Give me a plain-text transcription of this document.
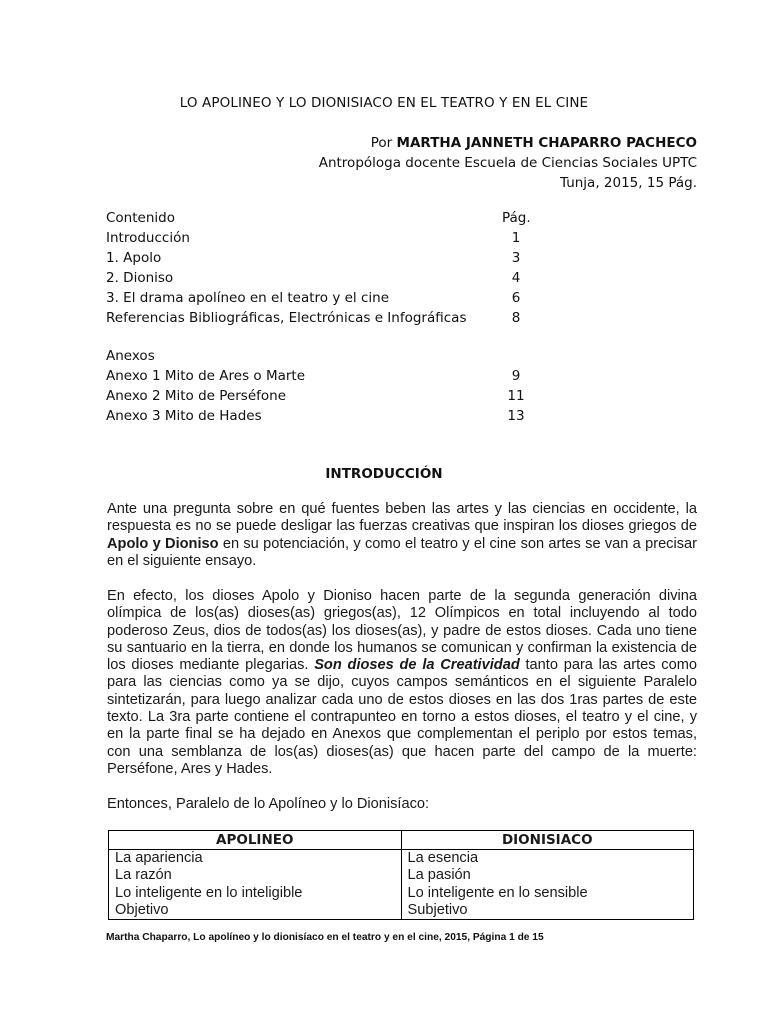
LO APOLINEO Y LO DIONISIACO EN EL TEATRO Y EN EL CINE
Por MARTHA JANNETH CHAPARRO PACHECO
Antropóloga docente Escuela de Ciencias Sociales UPTC
Tunja, 2015, 15 Pág.
Contenido	Pág.
Introducción	1
1. Apolo	3
2. Dioniso	4
3. El drama apolíneo en el teatro y el cine	6
Referencias Bibliográficas, Electrónicas e Infográficas	8
Anexos
Anexo 1 Mito de Ares o Marte	9
Anexo 2 Mito de Perséfone	11
Anexo 3 Mito de Hades	13
INTRODUCCIÓN
Ante una pregunta sobre en qué fuentes beben las artes y las ciencias en occidente, la respuesta es no se puede desligar las fuerzas creativas que inspiran los dioses griegos de Apolo y Dioniso en su potenciación, y como el teatro y el cine son artes se van a precisar en el siguiente ensayo.
En efecto, los dioses Apolo y Dioniso hacen parte de la segunda generación divina olímpica de los(as) dioses(as) griegos(as), 12 Olímpicos en total incluyendo al todo poderoso Zeus, dios de todos(as) los dioses(as), y padre de estos dioses. Cada uno tiene su santuario en la tierra, en donde los humanos se comunican y confirman la existencia de los dioses mediante plegarias. Son dioses de la Creatividad tanto para las artes como para las ciencias como ya se dijo, cuyos campos semánticos en el siguiente Paralelo sintetizarán, para luego analizar cada uno de estos dioses en las dos 1ras partes de este texto. La 3ra parte contiene el contrapunteo en torno a estos dioses, el teatro y el cine, y en la parte final se ha dejado en Anexos que complementan el periplo por estos temas, con una semblanza de los(as) dioses(as) que hacen parte del campo de la muerte: Perséfone, Ares y Hades.
Entonces, Paralelo de lo Apolíneo y lo Dionisíaco:
APOLINEO	DIONISIACO
La apariencia	La esencia
La razón	La pasión
Lo inteligente en lo inteligible	Lo inteligente en lo sensible
Objetivo	Subjetivo
Martha Chaparro, Lo apolíneo y lo dionisíaco en el teatro y en el cine, 2015, Página 1 de 15
